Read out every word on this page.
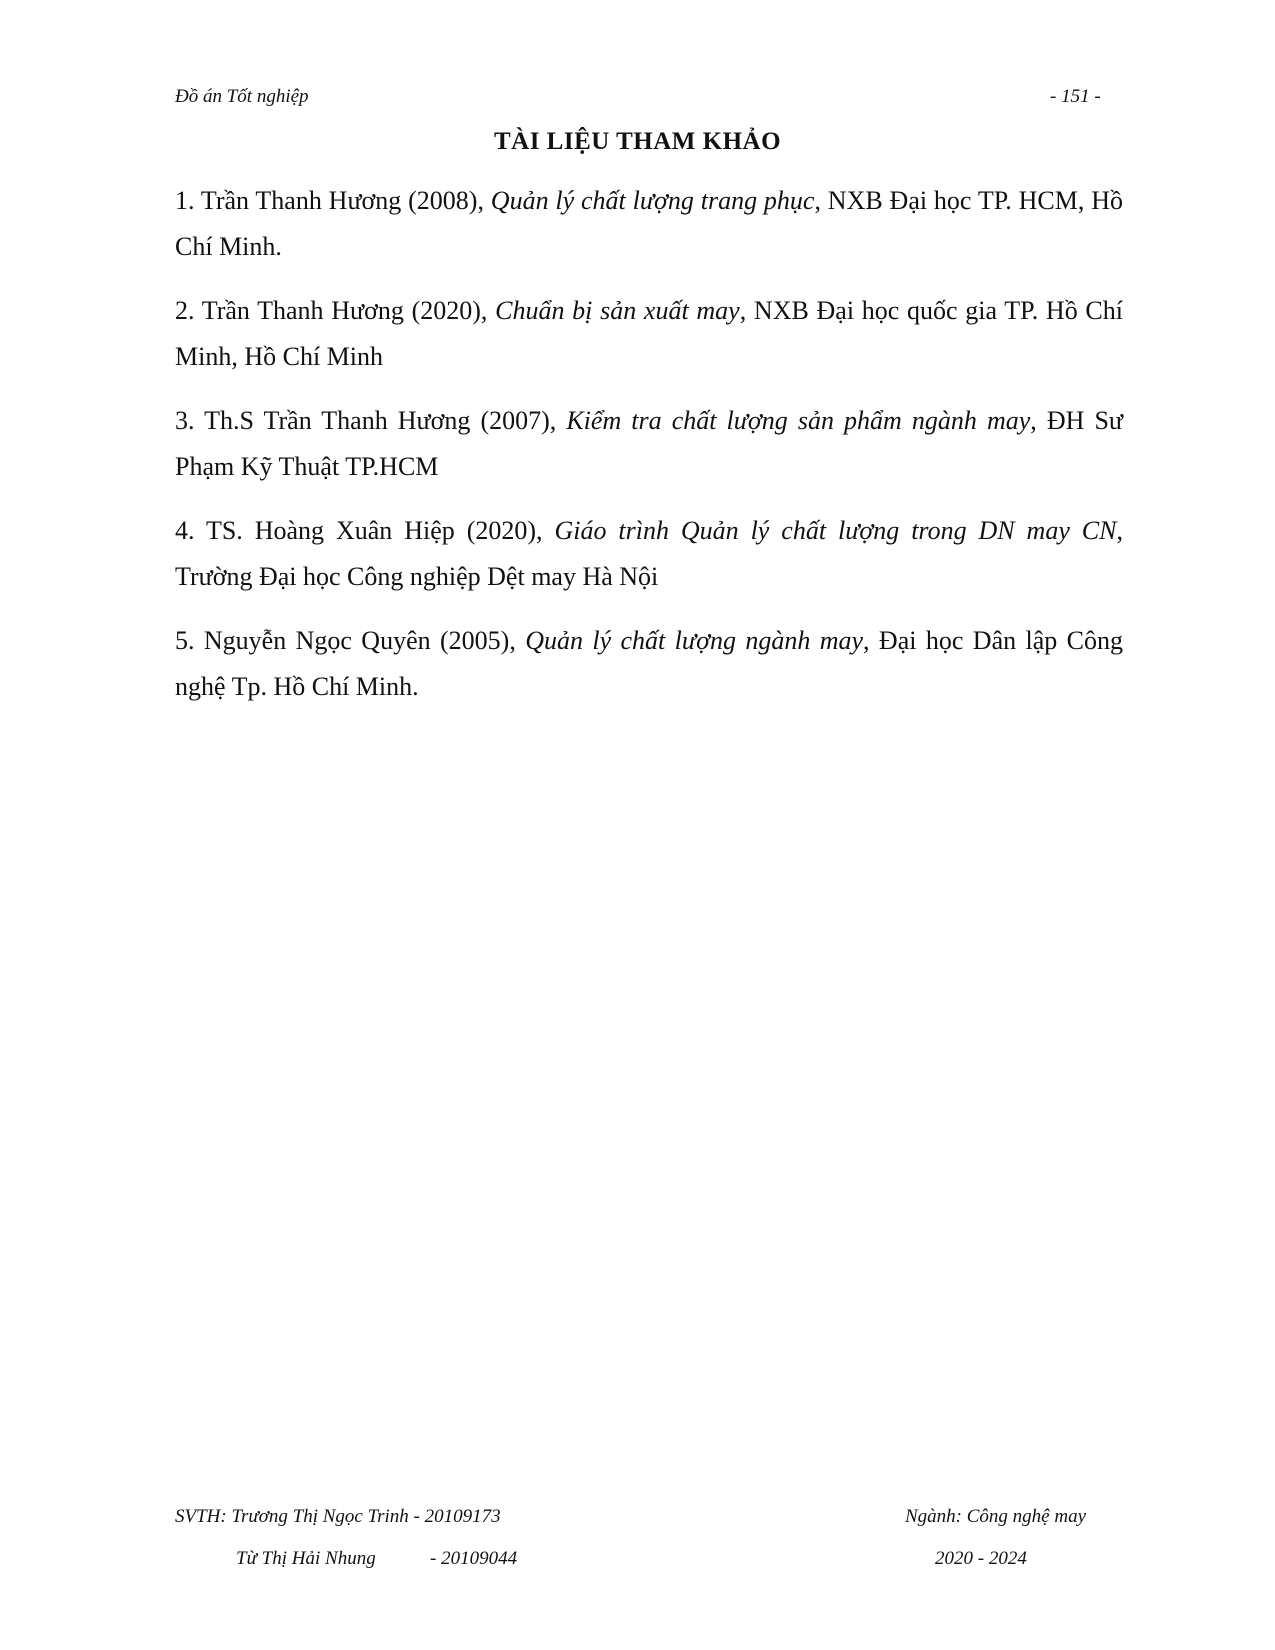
Đồ án Tốt nghiệp	- 151 -
TÀI LIỆU THAM KHẢO

1. Trần Thanh Hương (2008), Quản lý chất lượng trang phục, NXB Đại học TP. HCM, Hồ Chí Minh.

2. Trần Thanh Hương (2020), Chuẩn bị sản xuất may, NXB Đại học quốc gia TP. Hồ Chí Minh, Hồ Chí Minh

3. Th.S Trần Thanh Hương (2007), Kiểm tra chất lượng sản phẩm ngành may, ĐH Sư Phạm Kỹ Thuật TP.HCM

4. TS. Hoàng Xuân Hiệp (2020), Giáo trình Quản lý chất lượng trong DN may CN, Trường Đại học Công nghiệp Dệt may Hà Nội

5. Nguyễn Ngọc Quyên (2005), Quản lý chất lượng ngành may, Đại học Dân lập Công nghệ Tp. Hồ Chí Minh.

SVTH: Trương Thị Ngọc Trinh - 20109173	Ngành: Công nghệ may
Từ Thị Hải Nhung	- 20109044	2020 - 2024
